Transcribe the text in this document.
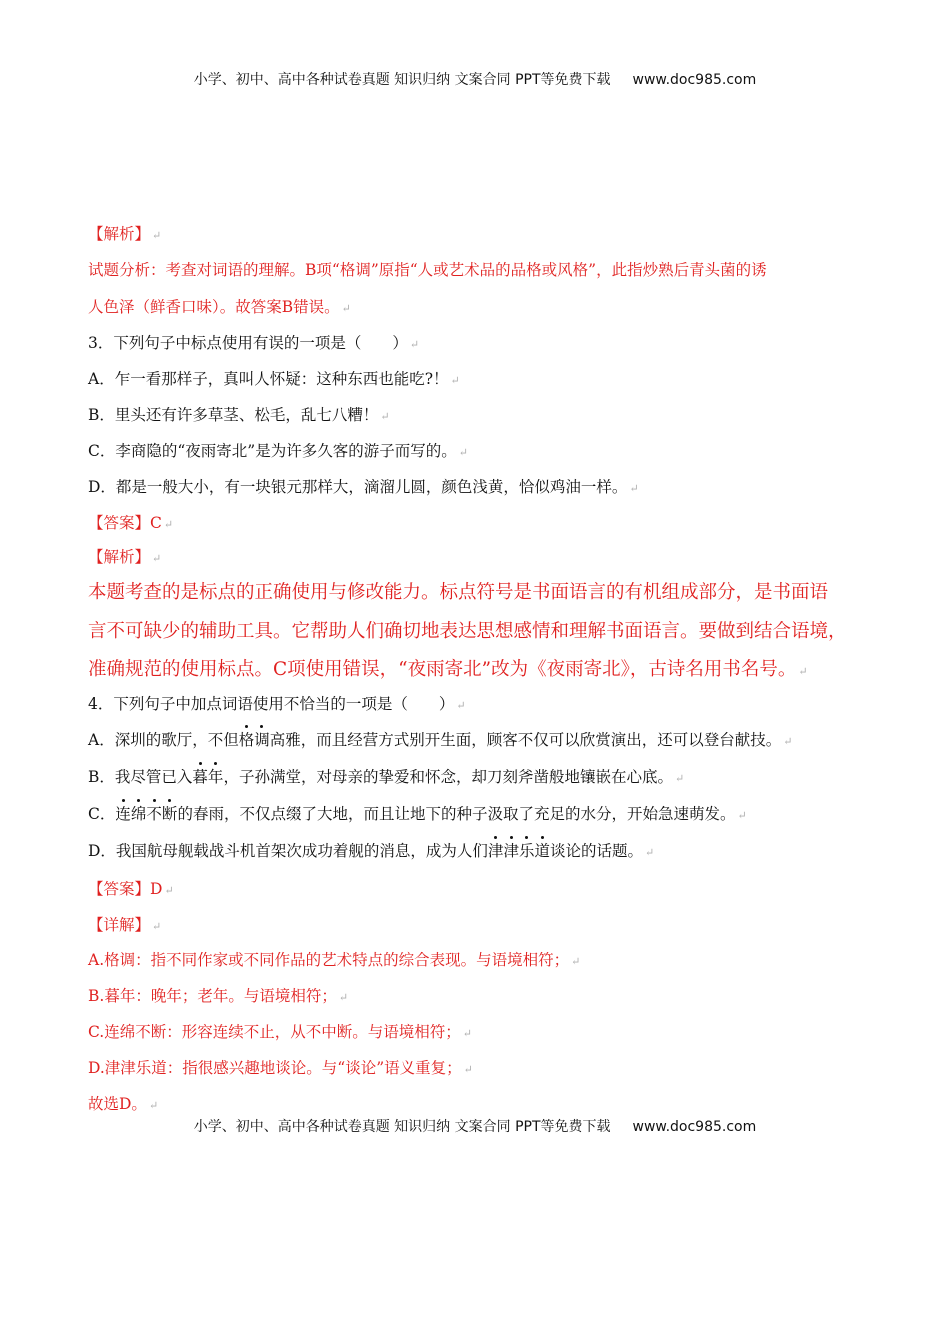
小学、初中、高中各种试卷真题 知识归纳 文案合同 PPT等免费下载 www.doc985.com
【解析】 ↵
试题分析：考查对词语的理解。B项“格调”原指“人或艺术品的品格或风格”，此指炒熟后青头菌的诱
人色泽（鲜香口味）。故答案B错误。 ↵
3．下列句子中标点使用有误的一项是（　　） ↵
A．乍一看那样子，真叫人怀疑：这种东西也能吃?！ ↵
B．里头还有许多草茎、松毛，乱七八糟！ ↵
C．李商隐的“夜雨寄北”是为许多久客的游子而写的。 ↵
D．都是一般大小，有一块银元那样大，滴溜儿圆，颜色浅黄，恰似鸡油一样。 ↵
【答案】C ↵
【解析】 ↵
本题考查的是标点的正确使用与修改能力。标点符号是书面语言的有机组成部分，是书面语
言不可缺少的辅助工具。它帮助人们确切地表达思想感情和理解书面语言。要做到结合语境，
准确规范的使用标点。C项使用错误，“夜雨寄北”改为《夜雨寄北》，古诗名用书名号。 ↵
4．下列句子中加点词语使用不恰当的一项是（　　） ↵
A．深圳的歌厅，不但格调高雅，而且经营方式别开生面，顾客不仅可以欣赏演出，还可以登台献技。 ↵
B．我尽管已入暮年，子孙满堂，对母亲的挚爱和怀念，却刀刻斧凿般地镶嵌在心底。 ↵
C．连绵不断的春雨，不仅点缀了大地，而且让地下的种子汲取了充足的水分，开始急速萌发。 ↵
D．我国航母舰载战斗机首架次成功着舰的消息，成为人们津津乐道谈论的话题。 ↵
【答案】D ↵
【详解】 ↵
A.格调：指不同作家或不同作品的艺术特点的综合表现。与语境相符； ↵
B.暮年：晚年；老年。与语境相符； ↵
C.连绵不断：形容连续不止，从不中断。与语境相符； ↵
D.津津乐道：指很感兴趣地谈论。与“谈论”语义重复； ↵
故选D。 ↵
小学、初中、高中各种试卷真题 知识归纳 文案合同 PPT等免费下载 www.doc985.com
